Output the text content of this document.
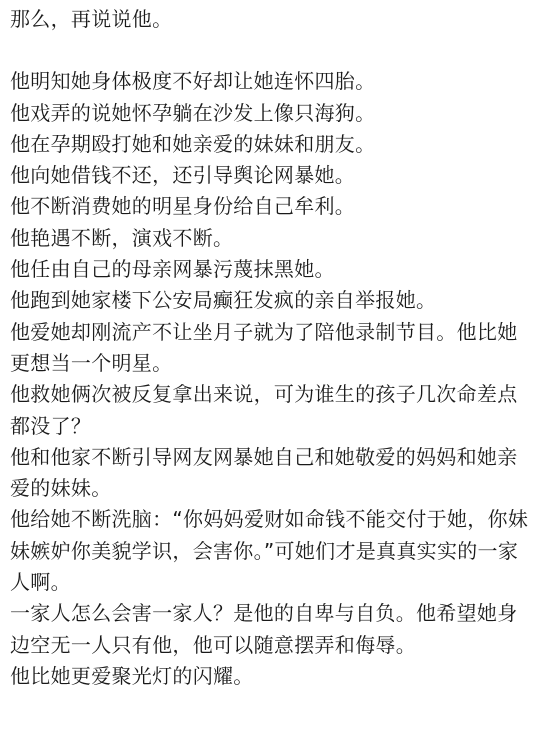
那么，再说说他。

他明知她身体极度不好却让她连怀四胎。

他戏弄的说她怀孕躺在沙发上像只海狗。

他在孕期殴打她和她亲爱的妹妹和朋友。

他向她借钱不还，还引导舆论网暴她。

他不断消费她的明星身份给自己牟利。

他艳遇不断，演戏不断。

他任由自己的母亲网暴污蔑抹黑她。

他跑到她家楼下公安局癫狂发疯的亲自举报她。

他爱她却刚流产不让坐月子就为了陪他录制节目。他比她更想当一个明星。

他救她俩次被反复拿出来说，可为谁生的孩子几次命差点都没了？

他和他家不断引导网友网暴她自己和她敬爱的妈妈和她亲爱的妹妹。

他给她不断洗脑：“你妈妈爱财如命钱不能交付于她，你妹妹嫉妒你美貌学识，会害你。”可她们才是真真实实的一家人啊。

一家人怎么会害一家人？是他的自卑与自负。他希望她身边空无一人只有他，他可以随意摆弄和侮辱。

他比她更爱聚光灯的闪耀。
